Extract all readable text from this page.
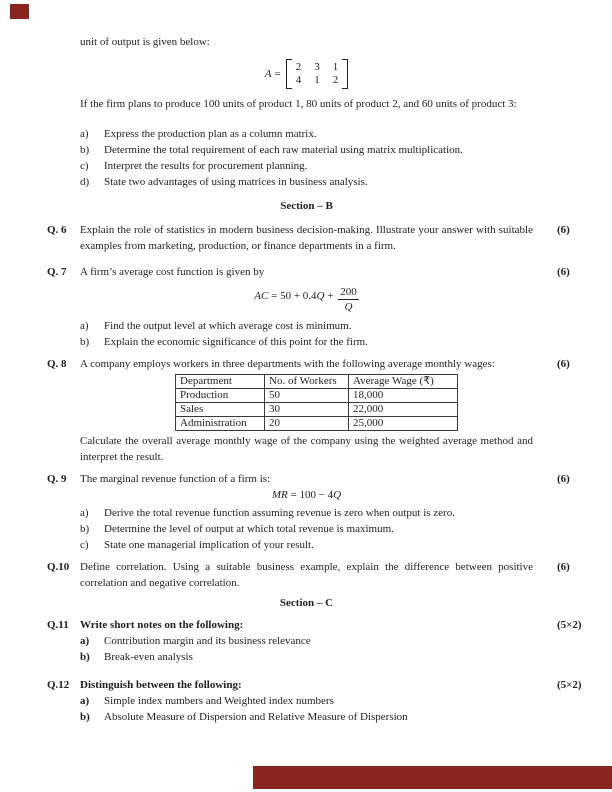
unit of output is given below:

A =
2 3 1
4 1 2

If the firm plans to produce 100 units of product 1, 80 units of product 2, and 60 units of product 3:

a)	Express the production plan as a column matrix.
b)	Determine the total requirement of each raw material using matrix multiplication.
c)	Interpret the results for procurement planning.
d)	State two advantages of using matrices in business analysis.
Section – B
Q. 6	Explain the role of statistics in modern business decision-making. Illustrate your answer with suitable examples from marketing, production, or finance departments in a firm.

(6)
Q. 7	A firm’s average cost function is given by

AC = $50 + 0.4Q + \frac{200}{Q}$
a)	Find the output level at which average cost is minimum.
b)	Explain the economic significance of this point for the firm.
(6)
Q. 8	A company employs workers in three departments with the following average monthly wages:

Department	No. of Workers	Average Wage (₹)
Production	50	18,000
Sales	30	22,000
Administration	20	25,000

Calculate the overall average monthly wage of the company using the weighted average method and interpret the result.

(6)
Q. 9	The marginal revenue function of a firm is:

MR = 100 − 4Q
a)	Derive the total revenue function assuming revenue is zero when output is zero.
b)	Determine the level of output at which total revenue is maximum.
c)	State one managerial implication of your result.
(6)
Q.10 Define correlation. Using a suitable business example, explain the difference between positive correlation and negative correlation.

(6)
Section – C
Q.11	Write short notes on the following:

a)	Contribution margin and its business relevance
b)	Break-even analysis
(5×2)
Q.12 Distinguish between the following:

a)	Simple index numbers and Weighted index numbers
b)	Absolute Measure of Dispersion and Relative Measure of Dispersion
(5×2)
